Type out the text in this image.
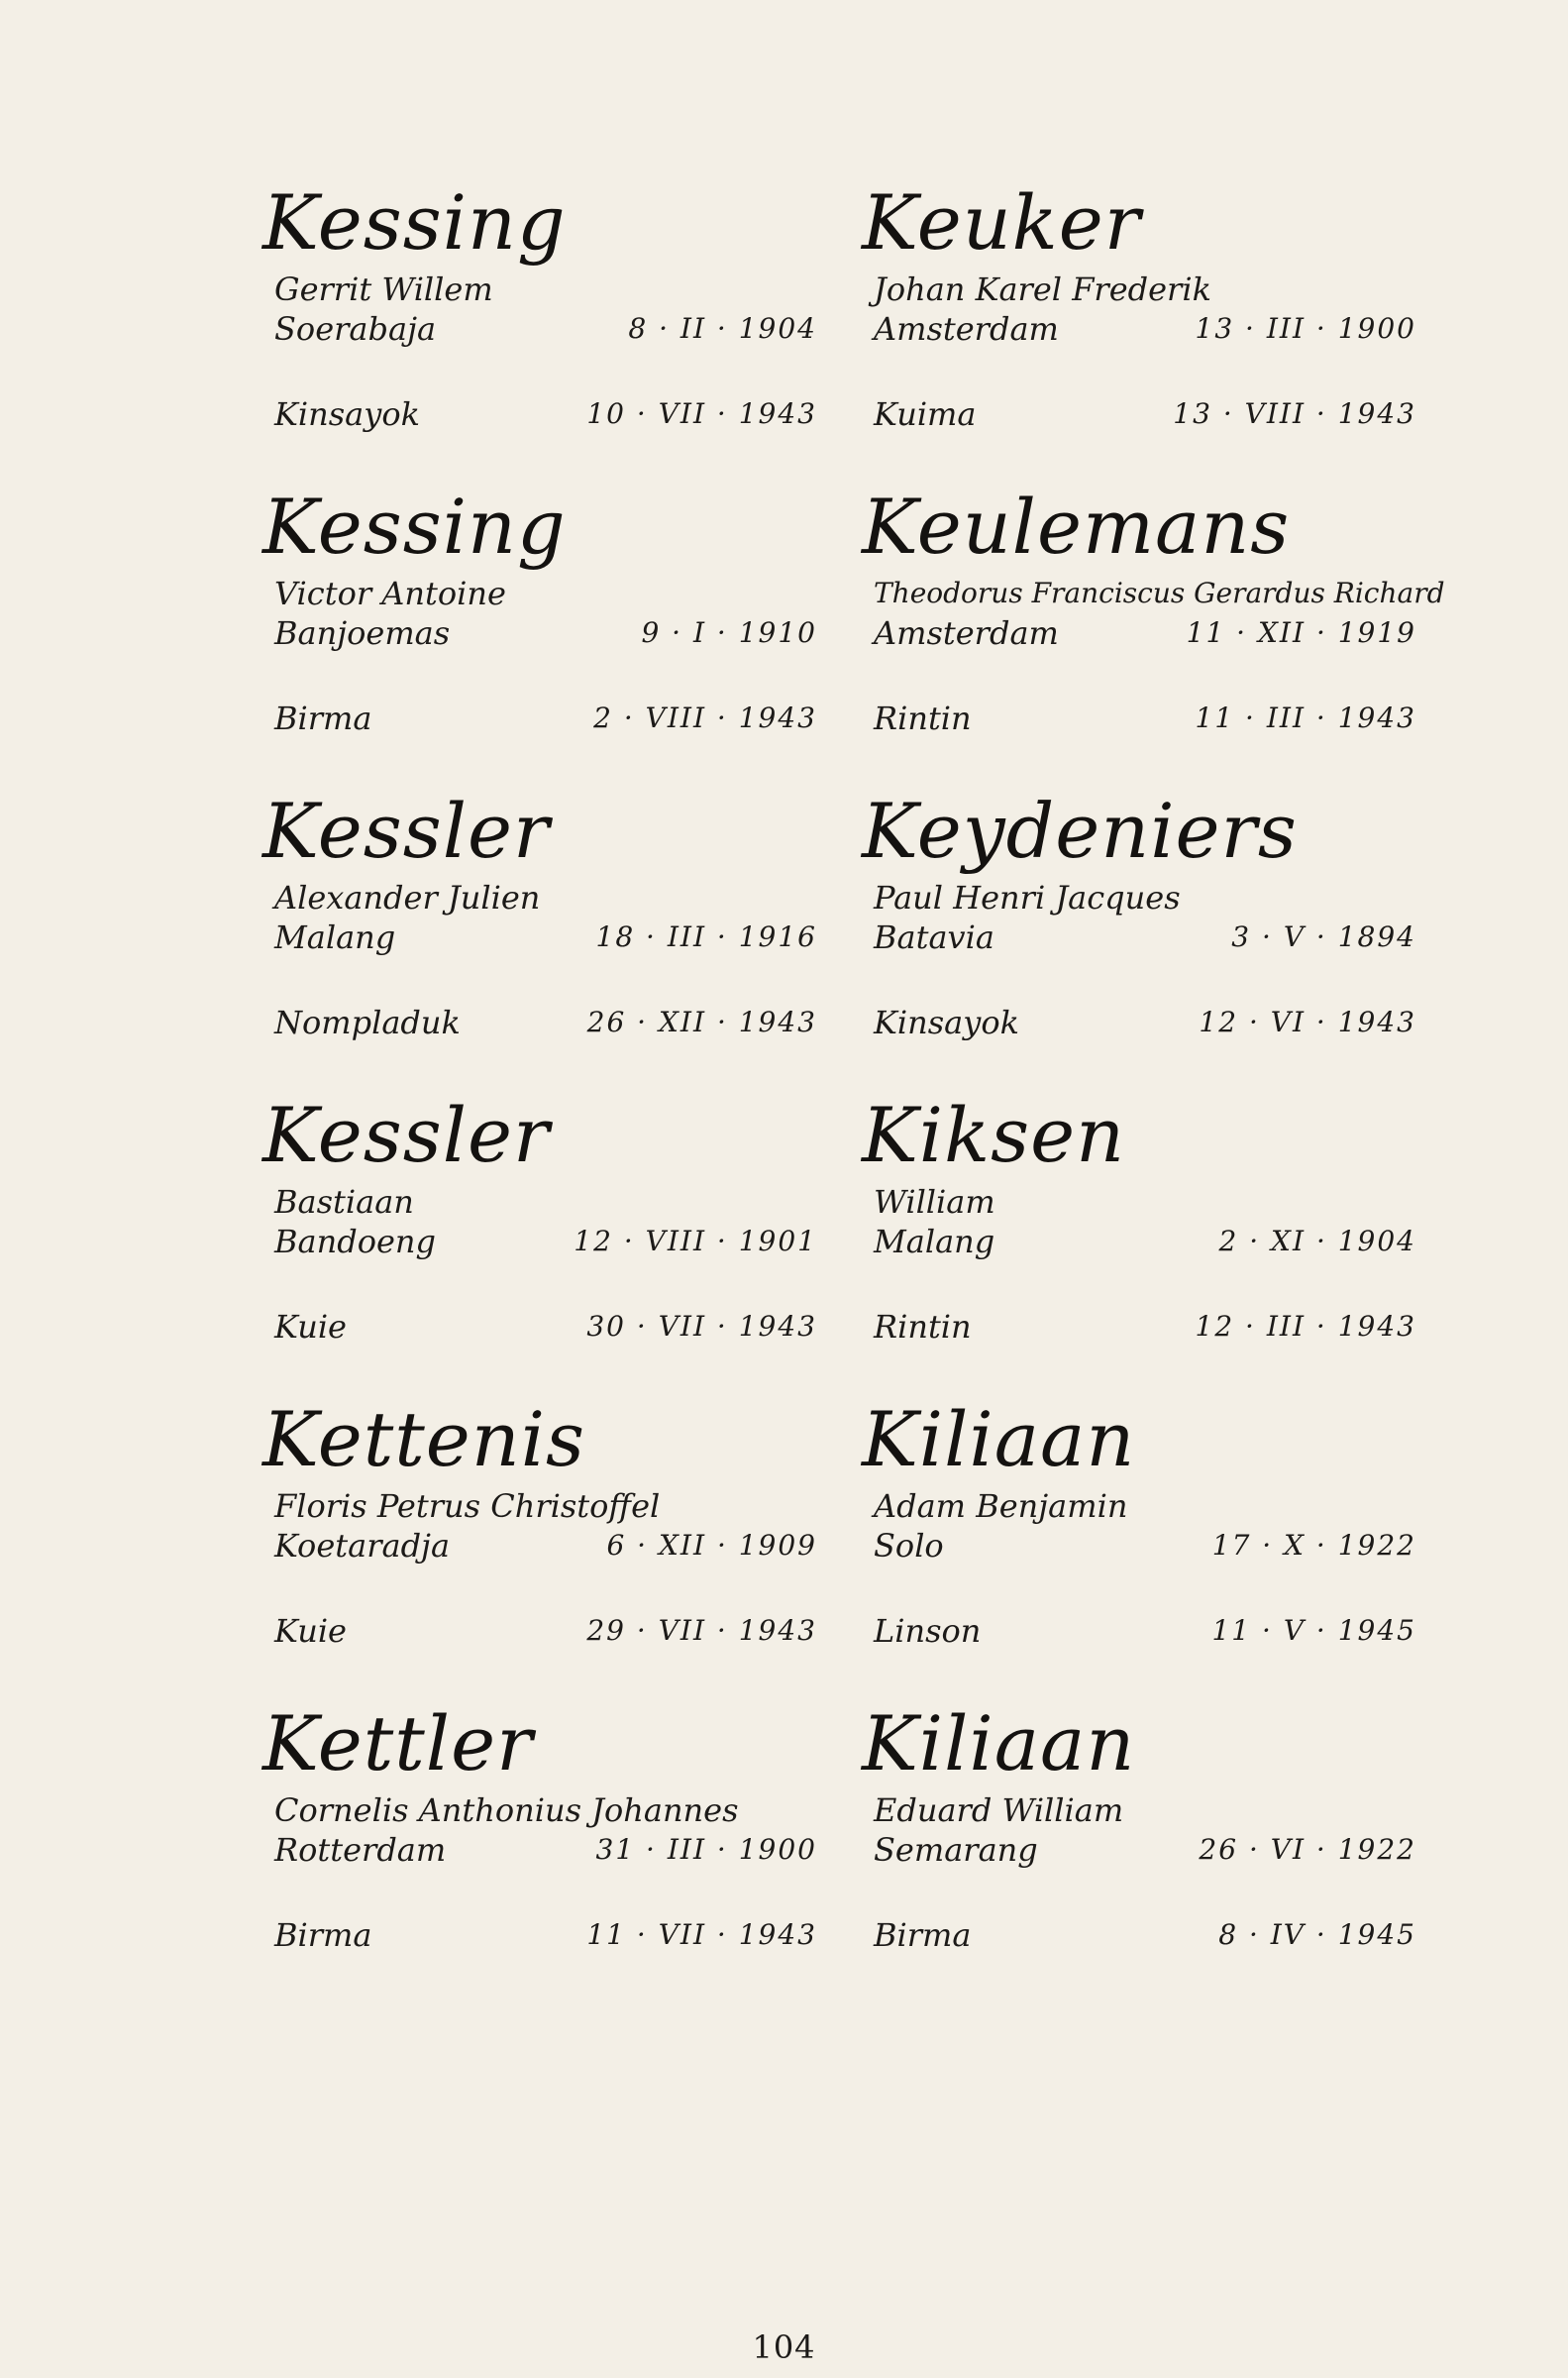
Kessing
Gerrit Willem
Soerabaja	8 · II · 1904
Kinsayok	10 · VII · 1943
Kessing
Victor Antoine
Banjoemas	9 · I · 1910
Birma	2 · VIII · 1943
Kessler
Alexander Julien
Malang	18 · III · 1916
Nompladuk	26 · XII · 1943
Kessler
Bastiaan
Bandoeng	12 · VIII · 1901
Kuie	30 · VII · 1943
Kettenis
Floris Petrus Christoffel
Koetaradja	6 · XII · 1909
Kuie	29 · VII · 1943
Kettler
Cornelis Anthonius Johannes
Rotterdam	31 · III · 1900
Birma	11 · VII · 1943
Keuker
Johan Karel Frederik
Amsterdam	13 · III · 1900
Kuima	13 · VIII · 1943
Keulemans
Theodorus Franciscus Gerardus Richard
Amsterdam	11 · XII · 1919
Rintin	11 · III · 1943
Keydeniers
Paul Henri Jacques
Batavia	3 · V · 1894
Kinsayok	12 · VI · 1943
Kiksen
William
Malang	2 · XI · 1904
Rintin	12 · III · 1943
Kiliaan
Adam Benjamin
Solo	17 · X · 1922
Linson	11 · V · 1945
Kiliaan
Eduard William
Semarang	26 · VI · 1922
Birma	8 · IV · 1945
104
